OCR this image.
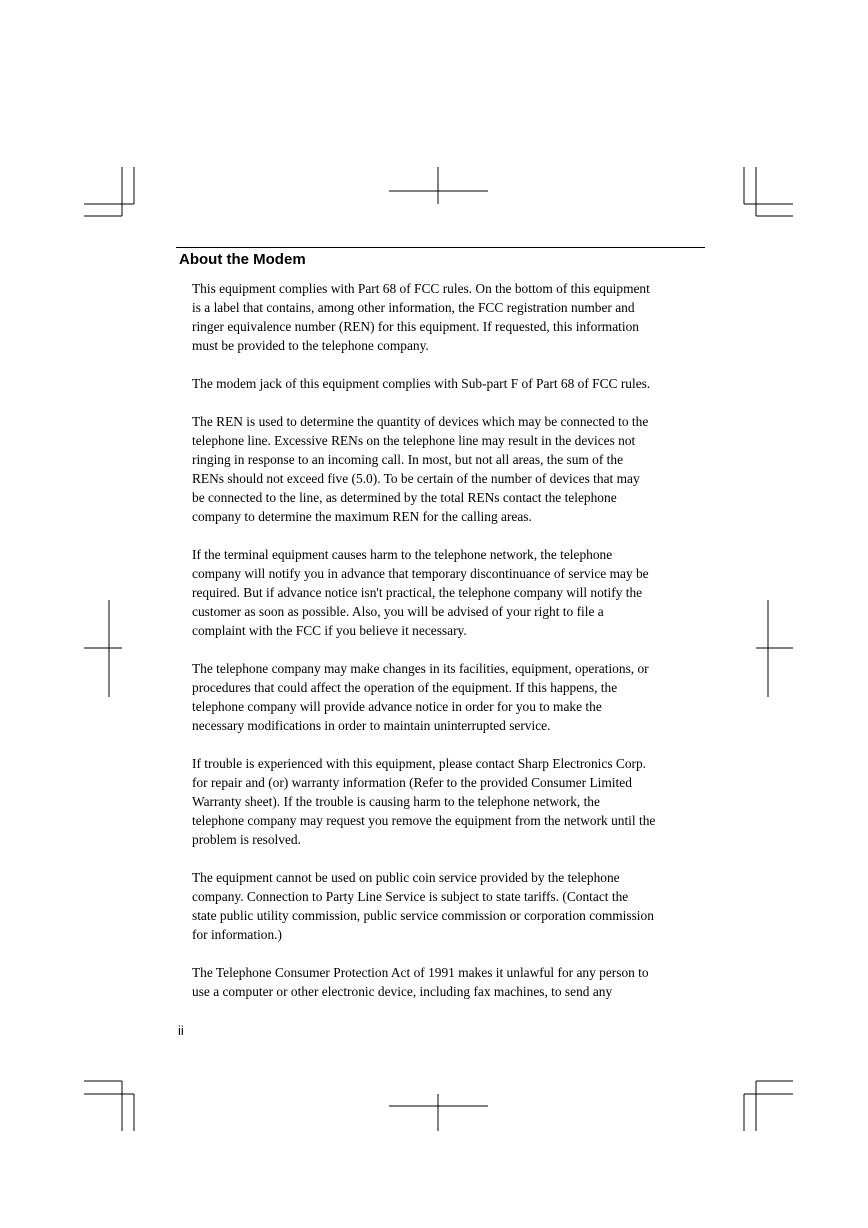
About the Modem

This equipment complies with Part 68 of FCC rules. On the bottom of this equipment
is a label that contains, among other information, the FCC registration number and
ringer equivalence number (REN) for this equipment. If requested, this information
must be provided to the telephone company.

The modem jack of this equipment complies with Sub-part F of Part 68 of FCC rules.

The REN is used to determine the quantity of devices which may be connected to the
telephone line. Excessive RENs on the telephone line may result in the devices not
ringing in response to an incoming call. In most, but not all areas, the sum of the
RENs should not exceed five (5.0). To be certain of the number of devices that may
be connected to the line, as determined by the total RENs contact the telephone
company to determine the maximum REN for the calling areas.

If the terminal equipment causes harm to the telephone network, the telephone
company will notify you in advance that temporary discontinuance of service may be
required. But if advance notice isn't practical, the telephone company will notify the
customer as soon as possible. Also, you will be advised of your right to file a
complaint with the FCC if you believe it necessary.

The telephone company may make changes in its facilities, equipment, operations, or
procedures that could affect the operation of the equipment. If this happens, the
telephone company will provide advance notice in order for you to make the
necessary modifications in order to maintain uninterrupted service.

If trouble is experienced with this equipment, please contact Sharp Electronics Corp.
for repair and (or) warranty information (Refer to the provided Consumer Limited
Warranty sheet). If the trouble is causing harm to the telephone network, the
telephone company may request you remove the equipment from the network until the
problem is resolved.

The equipment cannot be used on public coin service provided by the telephone
company. Connection to Party Line Service is subject to state tariffs. (Contact the
state public utility commission, public service commission or corporation commission
for information.)

The Telephone Consumer Protection Act of 1991 makes it unlawful for any person to
use a computer or other electronic device, including fax machines, to send any

ii
